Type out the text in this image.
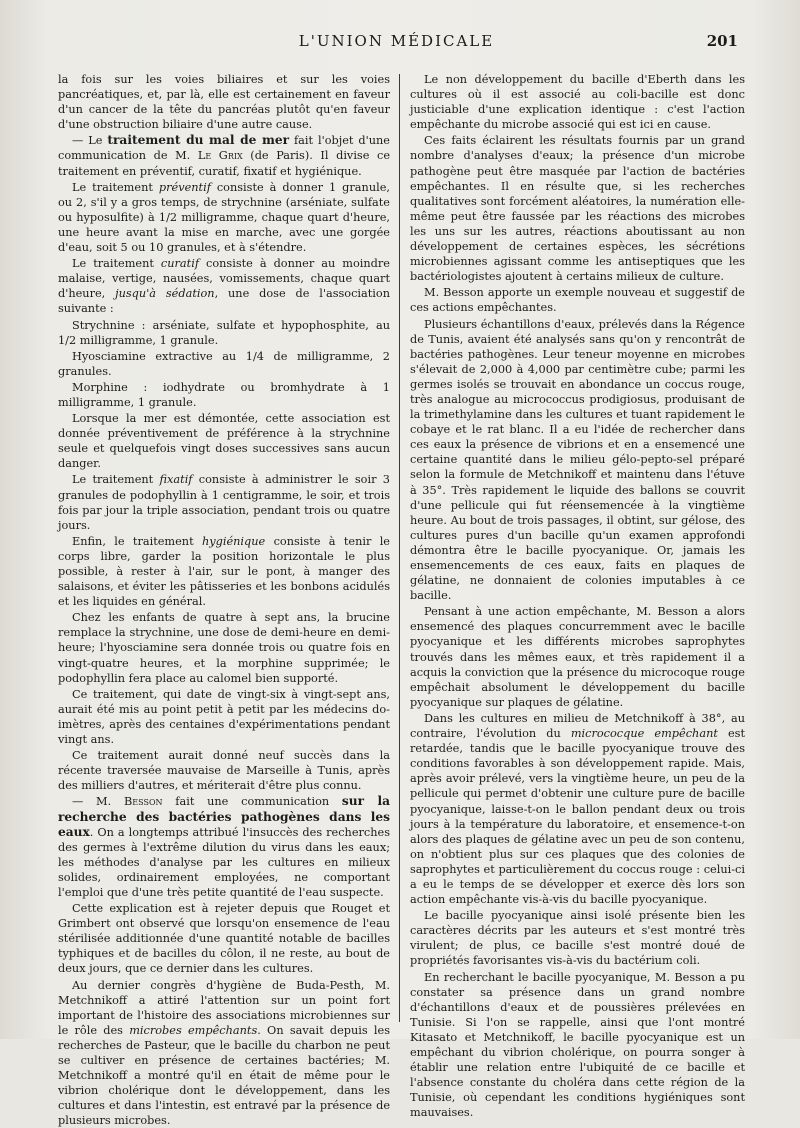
L'UNION MÉDICALE	201

la fois sur les voies biliaires et sur les voies pancréatiques, et, par là, elle est certainement en faveur d'un cancer de la tête du pancréas plutôt qu'en faveur d'une obstruction biliaire d'une autre cause.

— Le traitement du mal de mer fait l'objet d'une communication de M. Le Grix (de Paris). Il divise ce traitement en préventif, curatif, fixatif et hygiénique.

Le traitement préventif consiste à donner 1 granule, ou 2, s'il y a gros temps, de strychnine (arséniate, sulfate ou hyposulfite) à 1/2 milligramme, chaque quart d'heure, une heure avant la mise en marche, avec une gorgée d'eau, soit 5 ou 10 granules, et à s'étendre.

Le traitement curatif consiste à donner au moindre malaise, vertige, nausées, vomissements, chaque quart d'heure, jusqu'à sédation, une dose de l'association suivante :

Strychnine : arséniate, sulfate et hypophosphite, au 1/2 milligramme, 1 granule.

Hyosciamine extractive au 1/4 de milligramme, 2 granules.

Morphine : iodhydrate ou bromhydrate à 1 milligramme, 1 granule.

Lorsque la mer est démontée, cette association est donnée préventivement de préférence à la strychnine seule et quelquefois vingt doses successives sans aucun danger.

Le traitement fixatif consiste à administrer le soir 3 granules de podophyllin à 1 centigramme, le soir, et trois fois par jour la triple association, pendant trois ou quatre jours.

Enfin, le traitement hygiénique consiste à tenir le corps libre, garder la position horizontale le plus possible, à rester à l'air, sur le pont, à manger des salaisons, et éviter les pâtisseries et les bonbons acidulés et les liquides en général.

Chez les enfants de quatre à sept ans, la brucine remplace la strychnine, une dose de demi-heure en demi-heure; l'hyosciamine sera donnée trois ou quatre fois en vingt-quatre heures, et la morphine supprimée; le podophyllin fera place au calomel bien supporté.

Ce traitement, qui date de vingt-six à vingt-sept ans, aurait été mis au point petit à petit par les médecins do-imètres, après des centaines d'expérimentations pendant vingt ans.

Ce traitement aurait donné neuf succès dans la récente traversée mauvaise de Marseille à Tunis, après des milliers d'autres, et mériterait d'être plus connu.

— M. Besson fait une communication sur la recherche des bactéries pathogènes dans les eaux. On a longtemps attribué l'insuccès des recherches des germes à l'extrême dilution du virus dans les eaux; les méthodes d'analyse par les cultures en milieux solides, ordinairement employées, ne comportant l'emploi que d'une très petite quantité de l'eau suspecte.

Cette explication est à rejeter depuis que Rouget et Grimbert ont observé que lorsqu'on ensemence de l'eau stérilisée additionnée d'une quantité notable de bacilles typhiques et de bacilles du côlon, il ne reste, au bout de deux jours, que ce dernier dans les cultures.

Au dernier congrès d'hygiène de Buda-Pesth, M. Metchnikoff a attiré l'attention sur un point fort important de l'histoire des associations microbiennes sur le rôle des microbes empêchants. On savait depuis les recherches de Pasteur, que le bacille du charbon ne peut se cultiver en présence de certaines bactéries; M. Metchnikoff a montré qu'il en était de même pour le vibrion cholérique dont le développement, dans les cultures et dans l'intestin, est entravé par la présence de plusieurs microbes.

Le non développement du bacille d'Eberth dans les cultures où il est associé au coli-bacille est donc justiciable d'une explication identique : c'est l'action empêchante du microbe associé qui est ici en cause.

Ces faits éclairent les résultats fournis par un grand nombre d'analyses d'eaux; la présence d'un microbe pathogène peut être masquée par l'action de bactéries empêchantes. Il en résulte que, si les recherches qualitatives sont forcément aléatoires, la numération elle-même peut être faussée par les réactions des microbes les uns sur les autres, réactions aboutissant au non développement de certaines espèces, les sécrétions microbiennes agissant comme les antiseptiques que les bactériologistes ajoutent à certains milieux de culture.

M. Besson apporte un exemple nouveau et suggestif de ces actions empêchantes.

Plusieurs échantillons d'eaux, prélevés dans la Régence de Tunis, avaient été analysés sans qu'on y rencontrât de bactéries pathogènes. Leur teneur moyenne en microbes s'élevait de 2,000 à 4,000 par centimètre cube; parmi les germes isolés se trouvait en abondance un coccus rouge, très analogue au micrococcus prodigiosus, produisant de la trimethylamine dans les cultures et tuant rapidement le cobaye et le rat blanc. Il a eu l'idée de rechercher dans ces eaux la présence de vibrions et en a ensemencé une certaine quantité dans le milieu gélo-pepto-sel préparé selon la formule de Metchnikoff et maintenu dans l'étuve à 35°. Très rapidement le liquide des ballons se couvrit d'une pellicule qui fut réensemencée à la vingtième heure. Au bout de trois passages, il obtint, sur gélose, des cultures pures d'un bacille qu'un examen approfondi démontra être le bacille pyocyanique. Or, jamais les ensemencements de ces eaux, faits en plaques de gélatine, ne donnaient de colonies imputables à ce bacille.

Pensant à une action empêchante, M. Besson a alors ensemencé des plaques concurremment avec le bacille pyocyanique et les différents microbes saprophytes trouvés dans les mêmes eaux, et très rapidement il a acquis la conviction que la présence du microcoque rouge empêchait absolument le développement du bacille pyocyanique sur plaques de gélatine.

Dans les cultures en milieu de Metchnikoff à 38°, au contraire, l'évolution du micrococque empêchant est retardée, tandis que le bacille pyocyanique trouve des conditions favorables à son développement rapide. Mais, après avoir prélevé, vers la vingtième heure, un peu de la pellicule qui permet d'obtenir une culture pure de bacille pyocyanique, laisse-t-on le ballon pendant deux ou trois jours à la température du laboratoire, et ensemence-t-on alors des plaques de gélatine avec un peu de son contenu, on n'obtient plus sur ces plaques que des colonies de saprophytes et particulièrement du coccus rouge : celui-ci a eu le temps de se développer et exerce dès lors son action empêchante vis-à-vis du bacille pyocyanique.

Le bacille pyocyanique ainsi isolé présente bien les caractères décrits par les auteurs et s'est montré très virulent; de plus, ce bacille s'est montré doué de propriétés favorisantes vis-à-vis du bactérium coli.

En recherchant le bacille pyocyanique, M. Besson a pu constater sa présence dans un grand nombre d'échantillons d'eaux et de poussières prélevées en Tunisie. Si l'on se rappelle, ainsi que l'ont montré Kitasato et Metchnikoff, le bacille pyocyanique est un empêchant du vibrion cholérique, on pourra songer à établir une relation entre l'ubiquité de ce bacille et l'absence constante du choléra dans cette région de la Tunisie, où cependant les conditions hygiéniques sont mauvaises.
